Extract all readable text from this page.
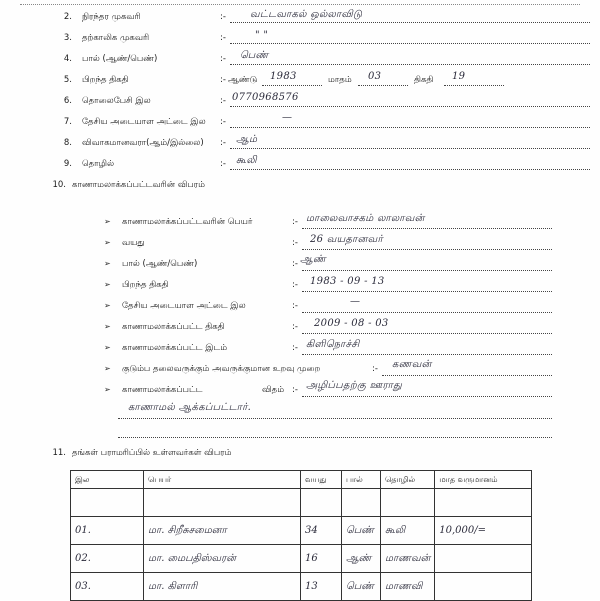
2. நிரந்தர முகவரி	:- வட்டவாகல் ஒல்லாவிடு
3. தற்காலிக முகவரி	:-	" "
4. பால் (ஆண்/பெண்)	:- பெண்
5. பிறந்த திகதி	:- ஆண்டு 1983	மாதம் 03	திகதி 19
6. தொலைபேசி இல	:- 0770968576
7. தேசிய அடையாள அட்டை இல :-	—
8. விவாகமானவரா(ஆம்/இல்லை) :- ஆம்
9. தொழில்	:- கூலி
10. காணாமலாக்கப்பட்டவரின் விபரம்
➢ காணாமலாக்கப்பட்டவரின் பெயர்	:- மாலைவாசகம் லாலாவன்
➢ வயது	:- 26 வயதானவர்
➢ பால் (ஆண்/பெண்)	:- ஆண்
➢ பிறந்த திகதி	:- 1983 - 09 - 13
➢ தேசிய அடையாள அட்டை இல	:-	—
➢ காணாமலாக்கப்பட்ட திகதி	:- 2009 - 08 - 03
➢ காணாமலாக்கப்பட்ட இடம்	:- கிளிநொச்சி
➢ குடும்ப தலைவருக்கும் அவருக்குமான உறவு முறை	:- கணவன்
➢ காணாமலாக்கப்பட்ட	விதம் :- அழிப்பதற்கு ஊராது
காணாமல் ஆக்கப்பட்டார்.
11. தங்கள் பராமரிப்பில் உள்ளவர்கள் விபரம்
இல	பெயர்	வயது	பால்	தொழில்	மாத வருமானம்

01.	மா. சிறீசுசமைனா	34	பெண்	கூலி	10,000/=
02.	மா. மைபதிஸ்வரன்	16	ஆண்	மாணவன்	
03.	மா. கிளாரி	13	பெண்	மாணவி	
